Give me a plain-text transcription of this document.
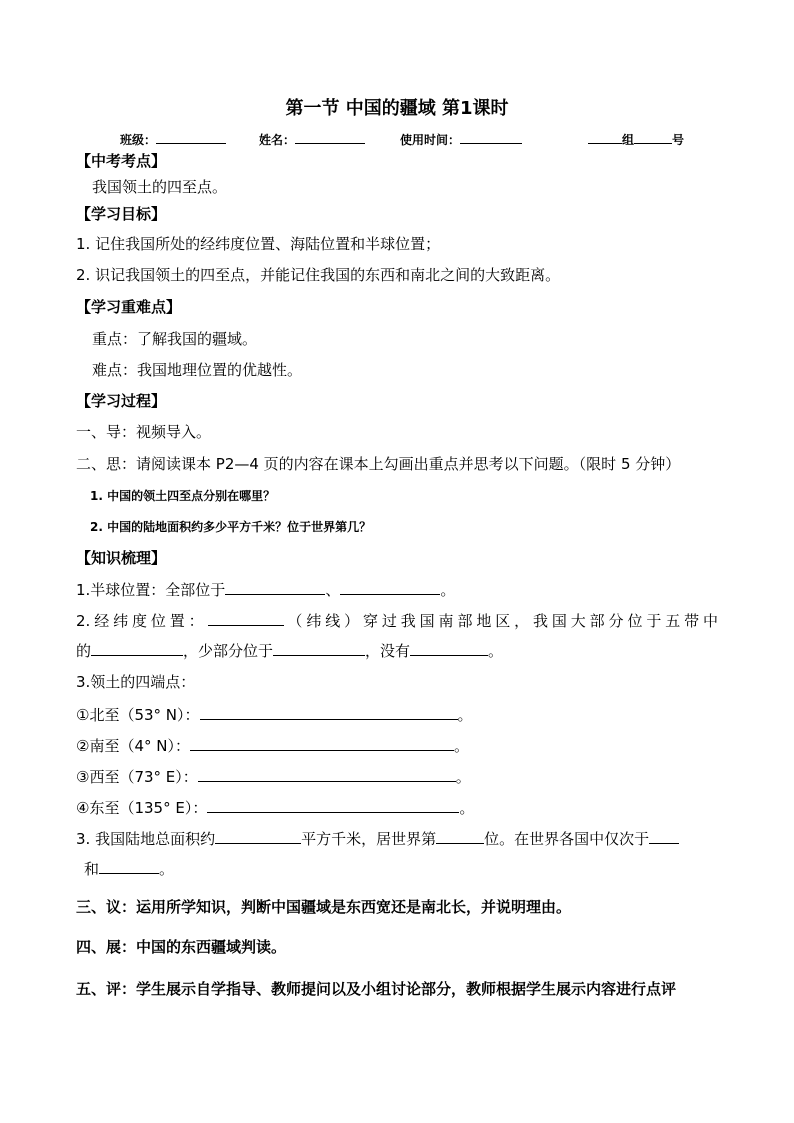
第一节 中国的疆域 第1课时
班级：	姓名：	使用时间：	组	号
【中考考点】
我国领土的四至点。
【学习目标】
1. 记住我国所处的经纬度位置、海陆位置和半球位置；
2. 识记我国领土的四至点，并能记住我国的东西和南北之间的大致距离。
【学习重难点】
重点：了解我国的疆域。
难点：我国地理位置的优越性。
【学习过程】
一、导：视频导入。
二、思：请阅读课本 P2—4 页的内容在课本上勾画出重点并思考以下问题。（限时 5 分钟）
1. 中国的领土四至点分别在哪里？
2. 中国的陆地面积约多少平方千米？位于世界第几？
【知识梳理】
1.半球位置：全部位于	、	。
2.经纬度位置：	（纬线）穿过我国南部地区，我国大部分位于五带中
的	，少部分位于	，没有	。
3.领土的四端点：
①北至（53° N）：	。
②南至（4° N）：	。
③西至（73° E）：	。
④东至（135° E）：	。
3. 我国陆地总面积约	平方千米，居世界第	位。在世界各国中仅次于
和	。
三、议：运用所学知识，判断中国疆域是东西宽还是南北长，并说明理由。
四、展：中国的东西疆域判读。
五、评：学生展示自学指导、教师提问以及小组讨论部分，教师根据学生展示内容进行点评
